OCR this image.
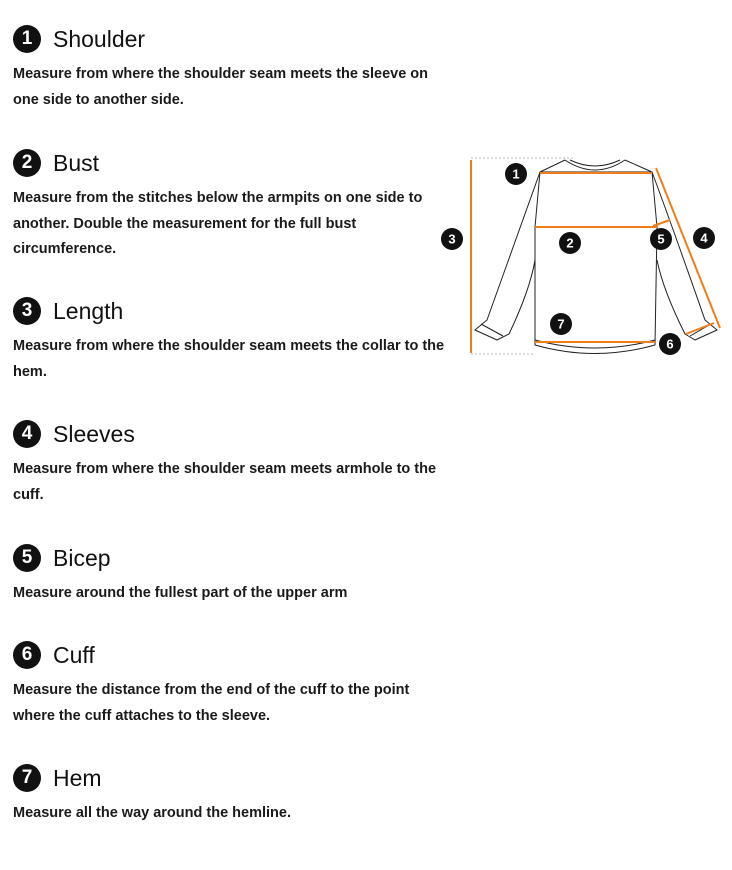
1 Shoulder
Measure from where the shoulder seam meets the sleeve on one side to another side.
2 Bust
Measure from the stitches below the armpits on one side to another. Double the measurement for the full bust circumference.
3 Length
Measure from where the shoulder seam meets the collar to the hem.
4 Sleeves
Measure from where the shoulder seam meets armhole to the cuff.
5 Bicep
Measure around the fullest part of the upper arm
6 Cuff
Measure the distance from the end of the cuff to the point where the cuff attaches to the sleeve.
7 Hem
Measure all the way around the hemline.
1
2
3	4
5
6
7
